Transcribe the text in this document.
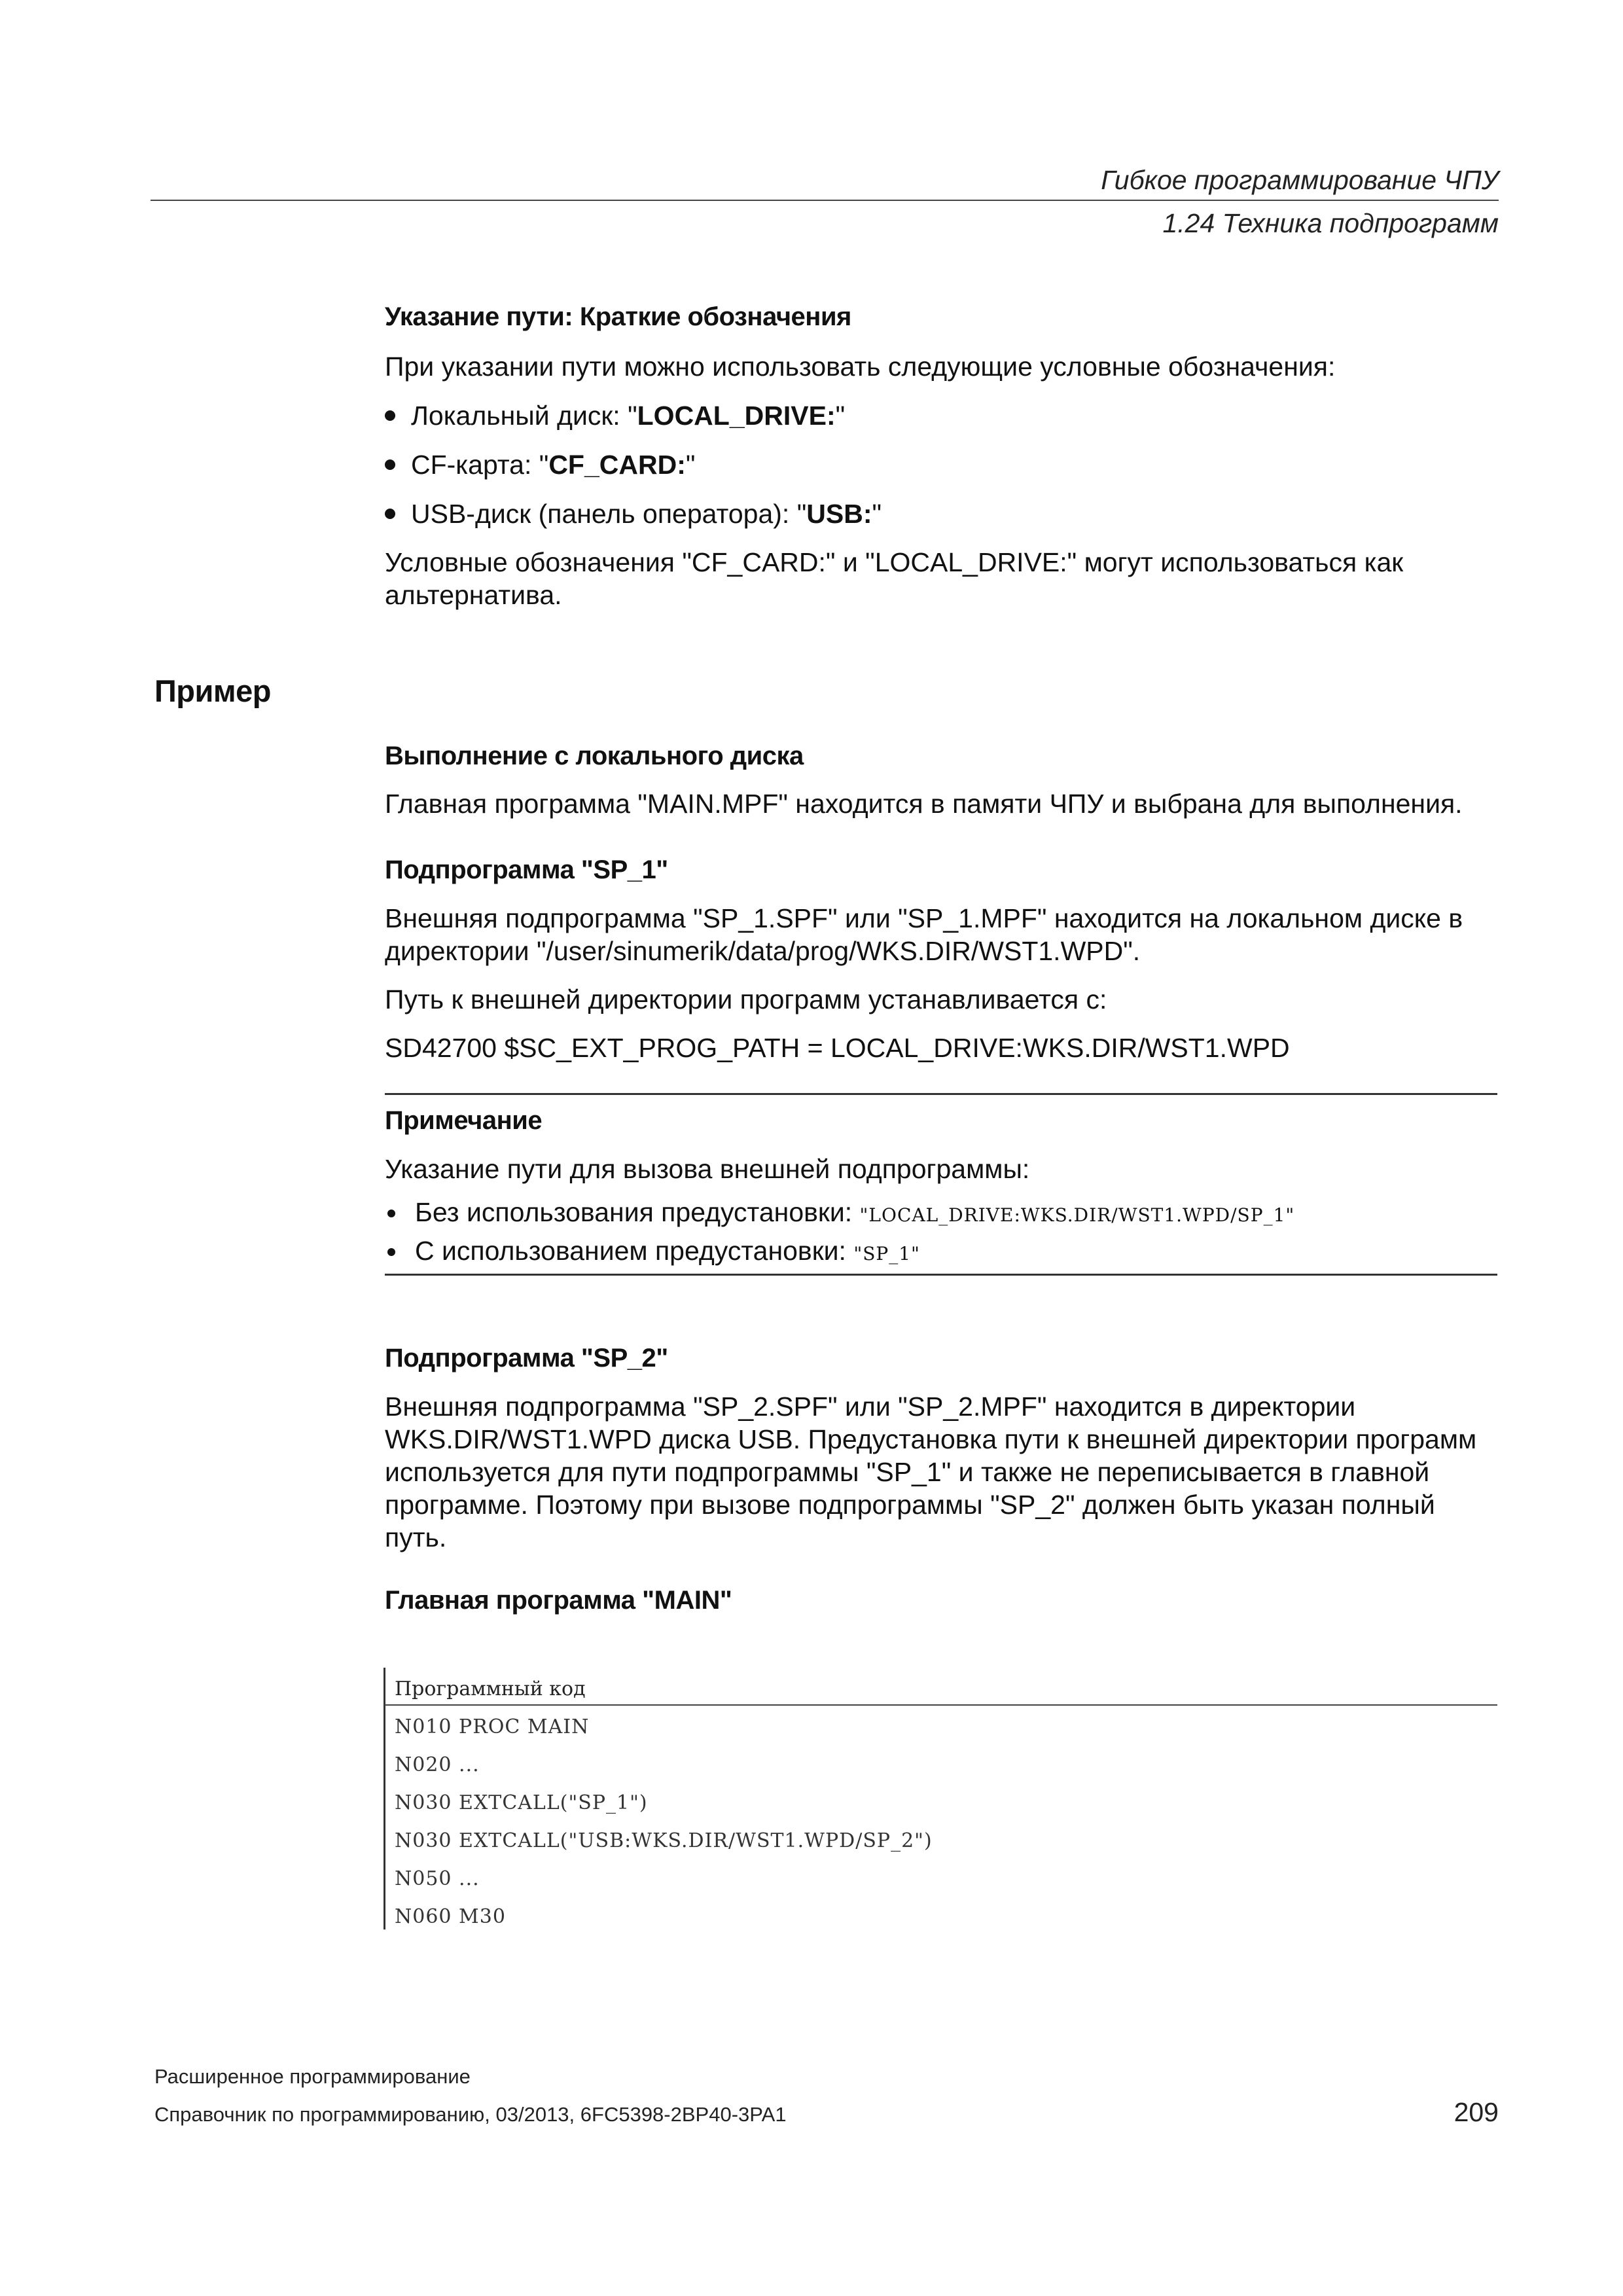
Гибкое программирование ЧПУ
1.24 Техника подпрограмм
Указание пути: Краткие обозначения
При указании пути можно использовать следующие условные обозначения:
Локальный диск: "LOCAL_DRIVE:"
CF-карта: "CF_CARD:"
USB-диск (панель оператора): "USB:"
Условные обозначения "CF_CARD:" и "LOCAL_DRIVE:" могут использоваться как
альтернатива.
Пример
Выполнение с локального диска
Главная программа "MAIN.MPF" находится в памяти ЧПУ и выбрана для выполнения.
Подпрограмма "SP_1"
Внешняя подпрограмма "SP_1.SPF" или "SP_1.MPF" находится на локальном диске в
директории "/user/sinumerik/data/prog/WKS.DIR/WST1.WPD".
Путь к внешней директории программ устанавливается с:
SD42700 $SC_EXT_PROG_PATH = LOCAL_DRIVE:WKS.DIR/WST1.WPD
Примечание
Указание пути для вызова внешней подпрограммы:
Без использования предустановки: "LOCAL_DRIVE:WKS.DIR/WST1.WPD/SP_1"
С использованием предустановки: "SP_1"
Подпрограмма "SP_2"
Внешняя подпрограмма "SP_2.SPF" или "SP_2.MPF" находится в директории
WKS.DIR/WST1.WPD диска USB. Предустановка пути к внешней директории программ
используется для пути подпрограммы "SP_1" и также не переписывается в главной
программе. Поэтому при вызове подпрограммы "SP_2" должен быть указан полный
путь.
Главная программа "MAIN"
Программный код
N010 PROC MAIN
N020 ...
N030 EXTCALL("SP_1")
N030 EXTCALL("USB:WKS.DIR/WST1.WPD/SP_2")
N050 ...
N060 M30
Расширенное программирование
Справочник по программированию, 03/2013, 6FC5398-2BP40-3PA1	209
